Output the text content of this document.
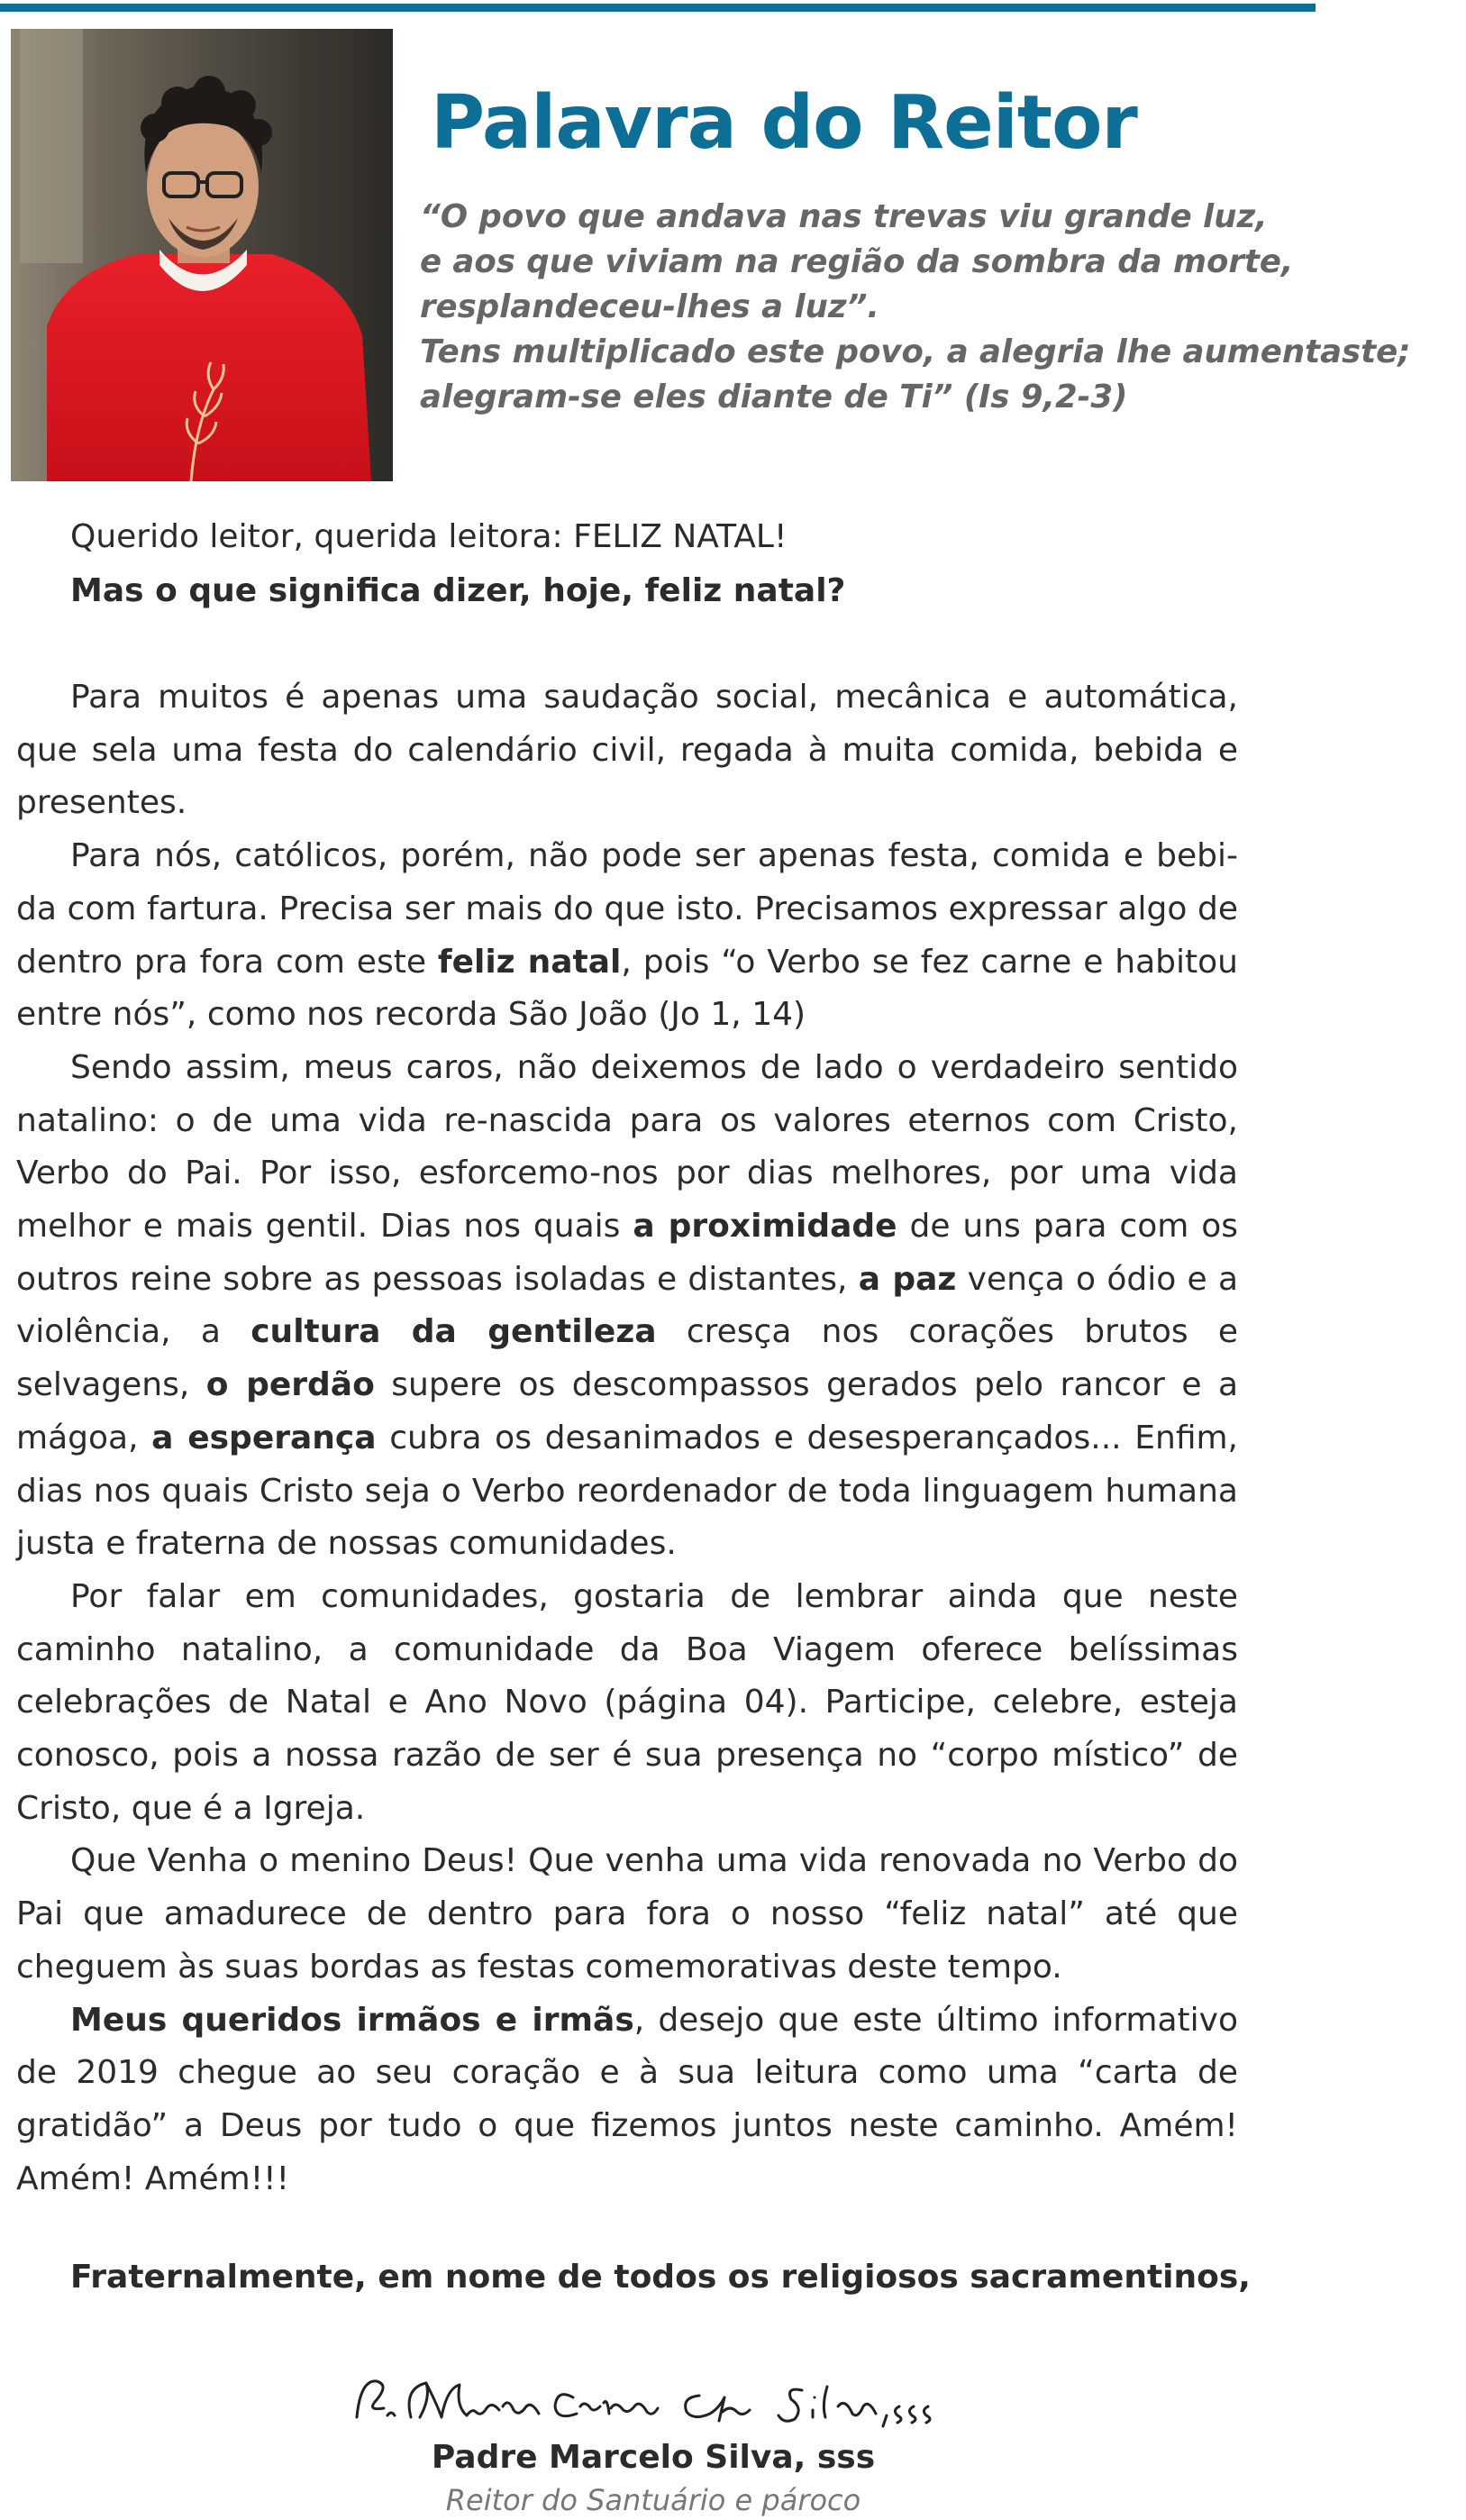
Palavra do Reitor
“O povo que andava nas trevas viu grande luz,
e aos que viviam na região da sombra da morte,
resplandeceu-lhes a luz”.
Tens multiplicado este povo, a alegria lhe aumentaste;
alegram-se eles diante de Ti” (Is 9,2-3)

Querido leitor, querida leitora: FELIZ NATAL!

Mas o que significa dizer, hoje, feliz natal?

Para muitos é apenas uma saudação social, mecânica e automática, que sela uma festa do calendário civil, regada à muita comida, bebida e presentes.

Para nós, católicos, porém, não pode ser apenas festa, comida e bebida com fartura. Precisa ser mais do que isto. Precisamos expressar algo de dentro pra fora com este feliz natal, pois “o Verbo se fez carne e habitou entre nós”, como nos recorda São João (Jo 1, 14)

Sendo assim, meus caros, não deixemos de lado o verdadeiro sentido natalino: o de uma vida re-nascida para os valores eternos com Cristo, Verbo do Pai. Por isso, esforcemo-nos por dias melhores, por uma vida melhor e mais gentil. Dias nos quais a proximidade de uns para com os outros reine sobre as pessoas isoladas e distantes, a paz vença o ódio e a violência, a cultura da gentileza cresça nos corações brutos e selvagens, o perdão supere os descompassos gerados pelo rancor e a mágoa, a esperança cubra os desanimados e desesperançados... Enfim, dias nos quais Cristo seja o Verbo reordenador de toda linguagem humana justa e fraterna de nossas comunidades.

Por falar em comunidades, gostaria de lembrar ainda que neste caminho natalino, a comunidade da Boa Viagem oferece belíssimas celebrações de Natal e Ano Novo (página 04). Participe, celebre, esteja conosco, pois a nossa razão de ser é sua presença no “corpo místico” de Cristo, que é a Igreja.

Que Venha o menino Deus! Que venha uma vida renovada no Verbo do Pai que amadurece de dentro para fora o nosso “feliz natal” até que cheguem às suas bordas as festas comemorativas deste tempo.

Meus queridos irmãos e irmãs, desejo que este último informativo de 2019 chegue ao seu coração e à sua leitura como uma “carta de gratidão” a Deus por tudo o que fizemos juntos neste caminho. Amém! Amém! Amém!!!

Fraternalmente, em nome de todos os religiosos sacramentinos,
Padre Marcelo Silva, sss
Reitor do Santuário e pároco
